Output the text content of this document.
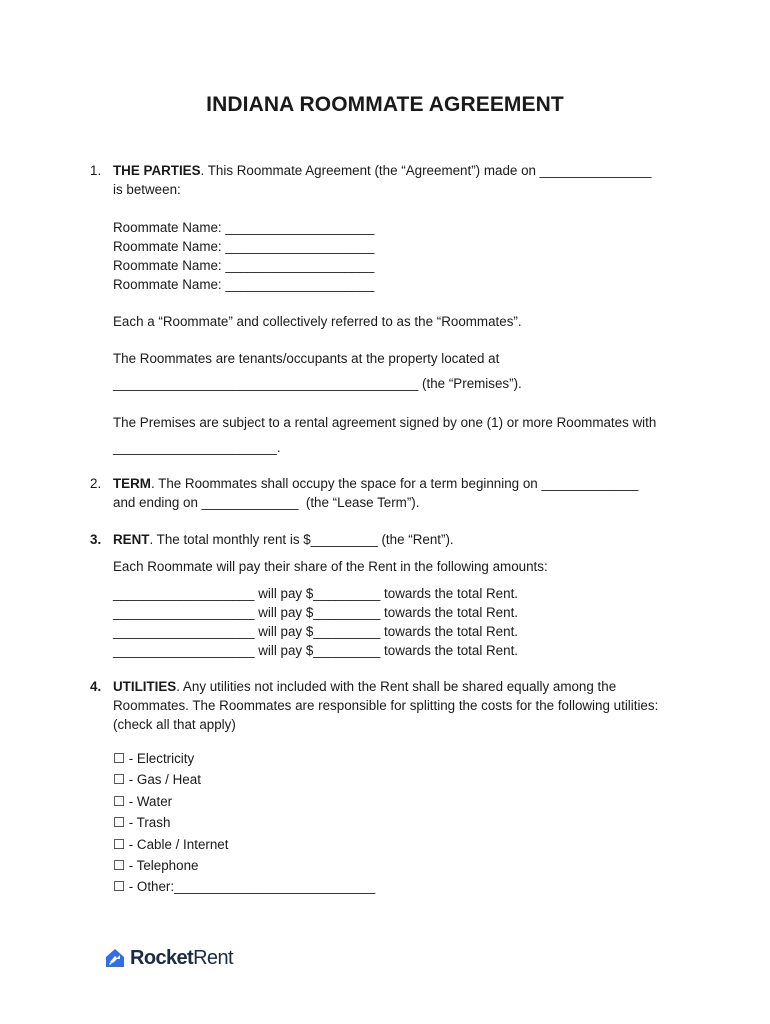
INDIANA ROOMMATE AGREEMENT
1. THE PARTIES. This Roommate Agreement (the “Agreement”) made on _______________
is between:
Roommate Name: ____________________
Roommate Name: ____________________
Roommate Name: ____________________
Roommate Name: ____________________
Each a “Roommate” and collectively referred to as the “Roommates”.
The Roommates are tenants/occupants at the property located at
_________________________________________ (the “Premises”).
The Premises are subject to a rental agreement signed by one (1) or more Roommates with
______________________.
2. TERM. The Roommates shall occupy the space for a term beginning on _____________
and ending on _____________  (the “Lease Term”).
3. RENT. The total monthly rent is $_________ (the “Rent”).
Each Roommate will pay their share of the Rent in the following amounts:
___________________ will pay $_________ towards the total Rent.
___________________ will pay $_________ towards the total Rent.
___________________ will pay $_________ towards the total Rent.
___________________ will pay $_________ towards the total Rent.
4. UTILITIES. Any utilities not included with the Rent shall be shared equally among the
Roommates. The Roommates are responsible for splitting the costs for the following utilities:
(check all that apply)
☐ - Electricity
☐ - Gas / Heat
☐ - Water
☐ - Trash
☐ - Cable / Internet
☐ - Telephone
☐ - Other:___________________________
RocketRent
